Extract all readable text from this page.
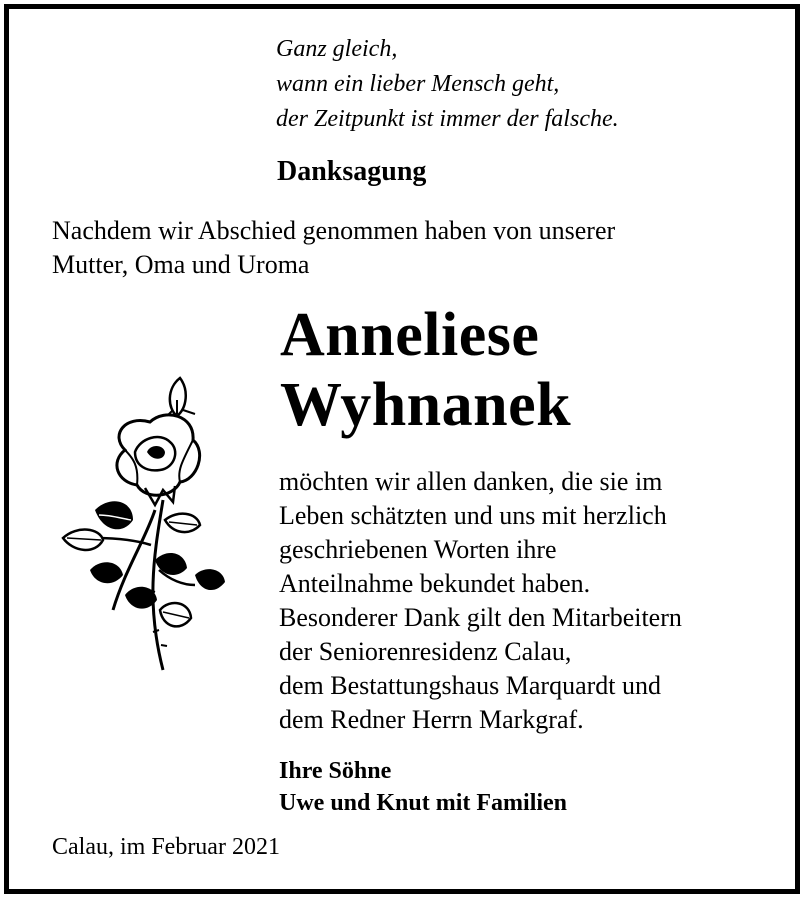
Ganz gleich,
wann ein lieber Mensch geht,
der Zeitpunkt ist immer der falsche.

Danksagung

Nachdem wir Abschied genommen haben von unserer
Mutter, Oma und Uroma

Anneliese
Wyhnanek

möchten wir allen danken, die sie im
Leben schätzten und uns mit herzlich
geschriebenen Worten ihre
Anteilnahme bekundet haben.
Besonderer Dank gilt den Mitarbeitern
der Seniorenresidenz Calau,
dem Bestattungshaus Marquardt und
dem Redner Herrn Markgraf.

Ihre Söhne
Uwe und Knut mit Familien

Calau, im Februar 2021
